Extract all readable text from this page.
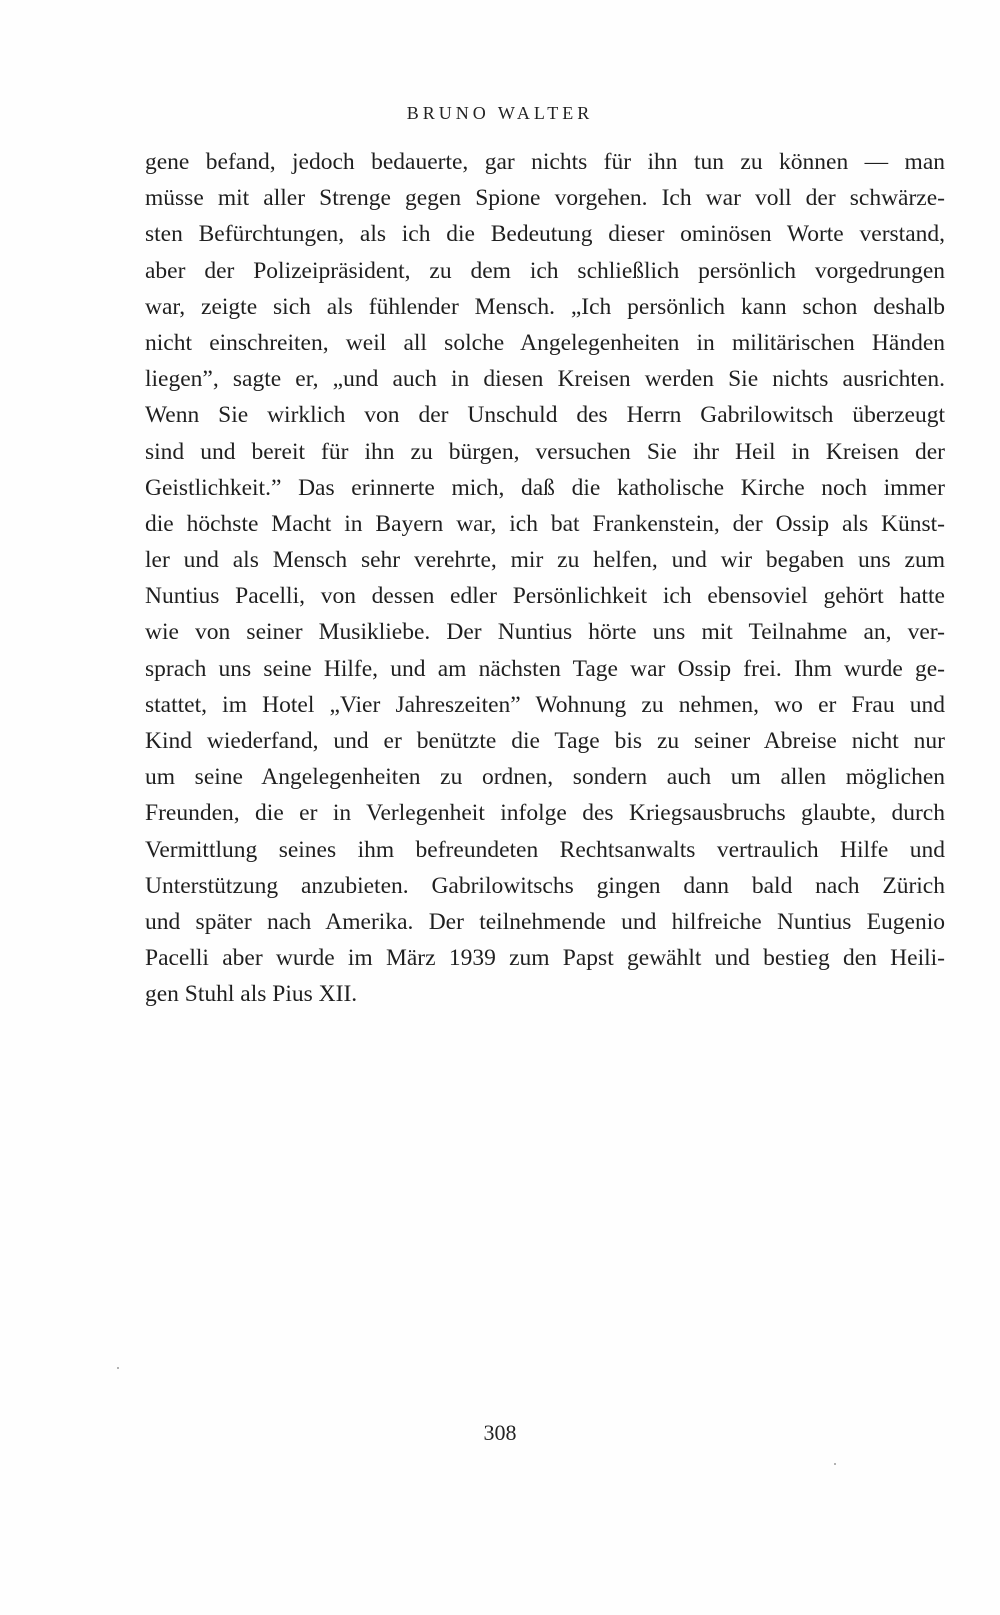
BRUNO WALTER
gene befand, jedoch bedauerte, gar nichts für ihn tun zu können — man
müsse mit aller Strenge gegen Spione vorgehen. Ich war voll der schwärze-
sten Befürchtungen, als ich die Bedeutung dieser ominösen Worte verstand,
aber der Polizeipräsident, zu dem ich schließlich persönlich vorgedrungen
war, zeigte sich als fühlender Mensch. „Ich persönlich kann schon deshalb
nicht einschreiten, weil all solche Angelegenheiten in militärischen Händen
liegen”, sagte er, „und auch in diesen Kreisen werden Sie nichts ausrichten.
Wenn Sie wirklich von der Unschuld des Herrn Gabrilowitsch überzeugt
sind und bereit für ihn zu bürgen, versuchen Sie ihr Heil in Kreisen der
Geistlichkeit.” Das erinnerte mich, daß die katholische Kirche noch immer
die höchste Macht in Bayern war, ich bat Frankenstein, der Ossip als Künst-
ler und als Mensch sehr verehrte, mir zu helfen, und wir begaben uns zum
Nuntius Pacelli, von dessen edler Persönlichkeit ich ebensoviel gehört hatte
wie von seiner Musikliebe. Der Nuntius hörte uns mit Teilnahme an, ver-
sprach uns seine Hilfe, und am nächsten Tage war Ossip frei. Ihm wurde ge-
stattet, im Hotel „Vier Jahreszeiten” Wohnung zu nehmen, wo er Frau und
Kind wiederfand, und er benützte die Tage bis zu seiner Abreise nicht nur
um seine Angelegenheiten zu ordnen, sondern auch um allen möglichen
Freunden, die er in Verlegenheit infolge des Kriegsausbruchs glaubte, durch
Vermittlung seines ihm befreundeten Rechtsanwalts vertraulich Hilfe und
Unterstützung anzubieten. Gabrilowitschs gingen dann bald nach Zürich
und später nach Amerika. Der teilnehmende und hilfreiche Nuntius Eugenio
Pacelli aber wurde im März 1939 zum Papst gewählt und bestieg den Heili-
gen Stuhl als Pius XII.
308
